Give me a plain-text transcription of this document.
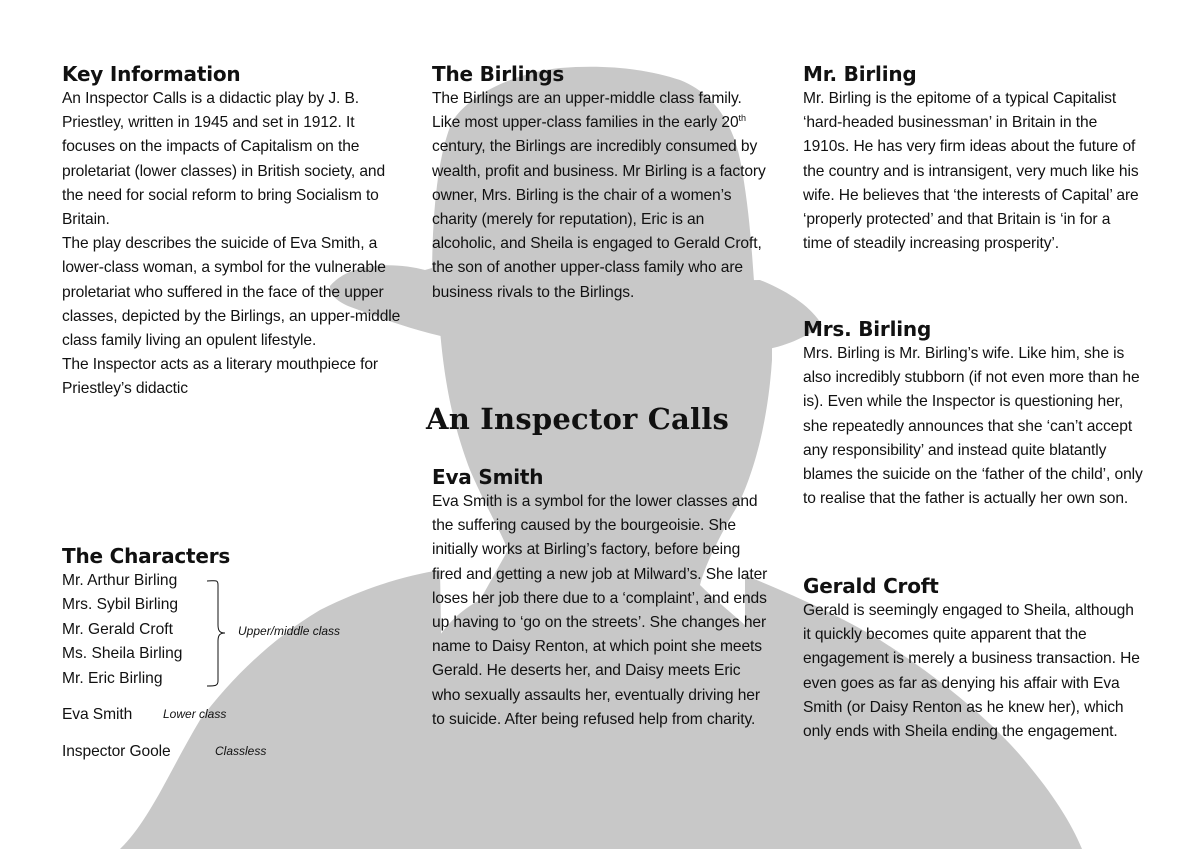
Key Information

An Inspector Calls is a didactic play by J. B. Priestley, written in 1945 and set in 1912. It focuses on the impacts of Capitalism on the proletariat (lower classes) in British society, and the need for social reform to bring Socialism to Britain.
The play describes the suicide of Eva Smith, a lower-class woman, a symbol for the vulnerable proletariat who suffered in the face of the upper classes, depicted by the Birlings, an upper-middle class family living an opulent lifestyle.
The Inspector acts as a literary mouthpiece for Priestley’s didactic

The Characters
Mr. Arthur Birling
Mrs. Sybil Birling
Mr. Gerald Croft
Ms. Sheila Birling
Mr. Eric Birling
Upper/middle class
Eva Smith	Lower class
Inspector Goole	Classless
The Birlings

The Birlings are an upper-middle class family. Like most upper-class families in the early 20th century, the Birlings are incredibly consumed by wealth, profit and business. Mr Birling is a factory owner, Mrs. Birling is the chair of a women’s charity (merely for reputation), Eric is an alcoholic, and Sheila is engaged to Gerald Croft, the son of another upper-class family who are business rivals to the Birlings.

An Inspector Calls
Eva Smith

Eva Smith is a symbol for the lower classes and the suffering caused by the bourgeoisie. She initially works at Birling’s factory, before being fired and getting a new job at Milward’s. She later loses her job there due to a ‘complaint’, and ends up having to ‘go on the streets’. She changes her name to Daisy Renton, at which point she meets Gerald. He deserts her, and Daisy meets Eric who sexually assaults her, eventually driving her to suicide. After being refused help from charity.

Mr. Birling

Mr. Birling is the epitome of a typical Capitalist ‘hard-headed businessman’ in Britain in the 1910s. He has very firm ideas about the future of the country and is intransigent, very much like his wife. He believes that ‘the interests of Capital’ are ‘properly protected’ and that Britain is ‘in for a time of steadily increasing prosperity’.

Mrs. Birling

Mrs. Birling is Mr. Birling’s wife. Like him, she is also incredibly stubborn (if not even more than he is). Even while the Inspector is questioning her, she repeatedly announces that she ‘can’t accept any responsibility’ and instead quite blatantly blames the suicide on the ‘father of the child’, only to realise that the father is actually her own son.

Gerald Croft

Gerald is seemingly engaged to Sheila, although it quickly becomes quite apparent that the engagement is merely a business transaction. He even goes as far as denying his affair with Eva Smith (or Daisy Renton as he knew her), which only ends with Sheila ending the engagement.
